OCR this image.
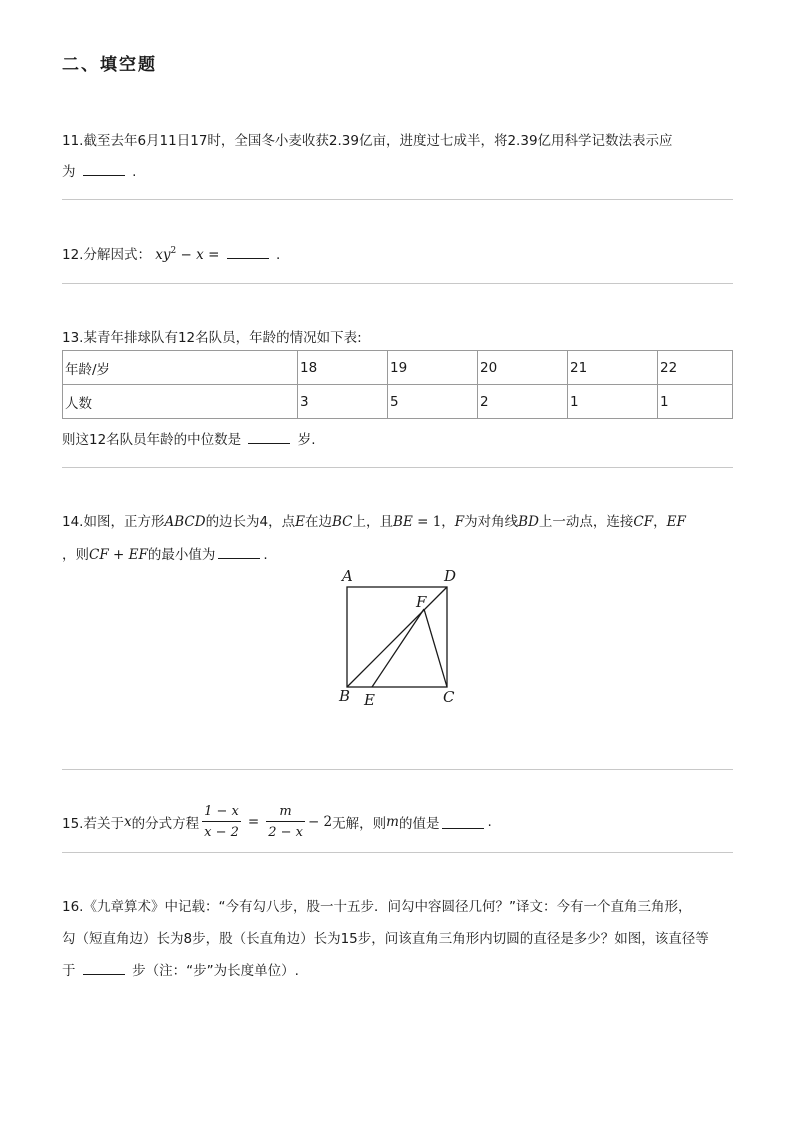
二、填空题
11.截至去年6月11日17时，全国冬小麦收获2.39亿亩，进度过七成半，将2.39亿用科学记数法表示应
为	.
12.分解因式： $xy^2 - x$ =	.
13.某青年排球队有12名队员，年龄的情况如下表:
年龄/岁	18	19	20	21	22
人数	3	5	2	1	1
则这12名队员年龄的中位数是	岁.
14.如图，正方形ABCD的边长为4，点E在边BC上，且BE = 1，F为对角线BD上一动点，连接CF，EF
，则CF + EF的最小值为	.
A	D
F
B E	C
15.若关于 x 的分式方程 $\frac{1 - x}{x - 2} = \frac{m}{2 - x} - 2$ 无解，则 m 的值是	.
16.《九章算术》中记载：“今有勾八步，股一十五步．问勾中容圆径几何？”译文：今有一个直角三角形，
勾（短直角边）长为8步，股（长直角边）长为15步，问该直角三角形内切圆的直径是多少？如图，该直径等
于	步（注：“步”为长度单位）.
